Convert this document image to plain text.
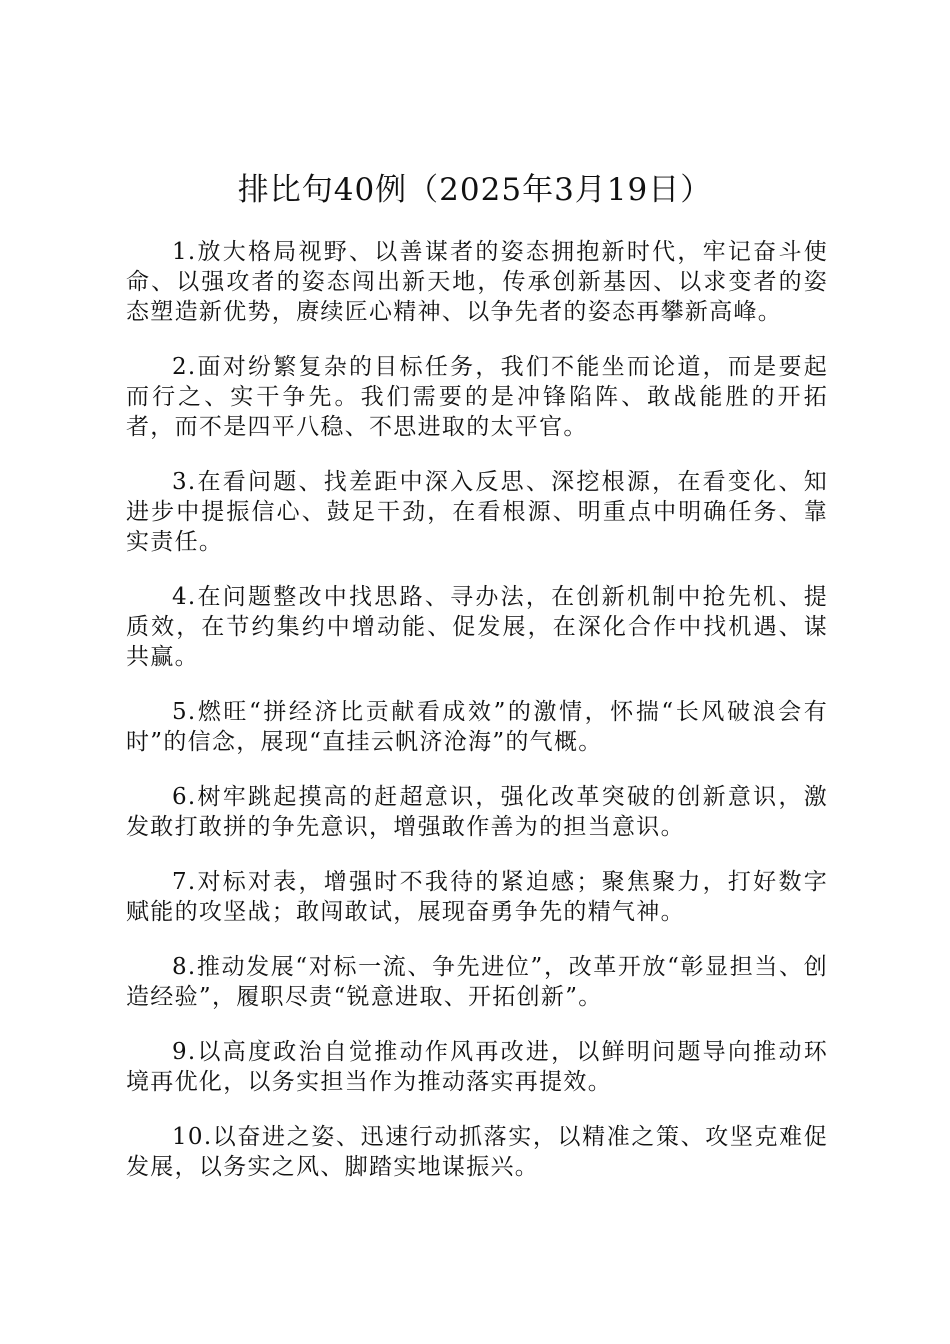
排比句40例（2025年3月19日）

1.放大格局视野、以善谋者的姿态拥抱新时代，牢记奋斗使命、以强攻者的姿态闯出新天地，传承创新基因、以求变者的姿态塑造新优势，赓续匠心精神、以争先者的姿态再攀新高峰。

2.面对纷繁复杂的目标任务，我们不能坐而论道，而是要起而行之、实干争先。我们需要的是冲锋陷阵、敢战能胜的开拓者，而不是四平八稳、不思进取的太平官。

3.在看问题、找差距中深入反思、深挖根源，在看变化、知进步中提振信心、鼓足干劲，在看根源、明重点中明确任务、靠实责任。

4.在问题整改中找思路、寻办法，在创新机制中抢先机、提质效，在节约集约中增动能、促发展，在深化合作中找机遇、谋共赢。

5.燃旺“拼经济比贡献看成效”的激情，怀揣“长风破浪会有时”的信念，展现“直挂云帆济沧海”的气概。

6.树牢跳起摸高的赶超意识，强化改革突破的创新意识，激发敢打敢拼的争先意识，增强敢作善为的担当意识。

7.对标对表，增强时不我待的紧迫感；聚焦聚力，打好数字赋能的攻坚战；敢闯敢试，展现奋勇争先的精气神。

8.推动发展“对标一流、争先进位”，改革开放“彰显担当、创造经验”，履职尽责“锐意进取、开拓创新”。

9.以高度政治自觉推动作风再改进，以鲜明问题导向推动环境再优化，以务实担当作为推动落实再提效。

10.以奋进之姿、迅速行动抓落实，以精准之策、攻坚克难促发展，以务实之风、脚踏实地谋振兴。
